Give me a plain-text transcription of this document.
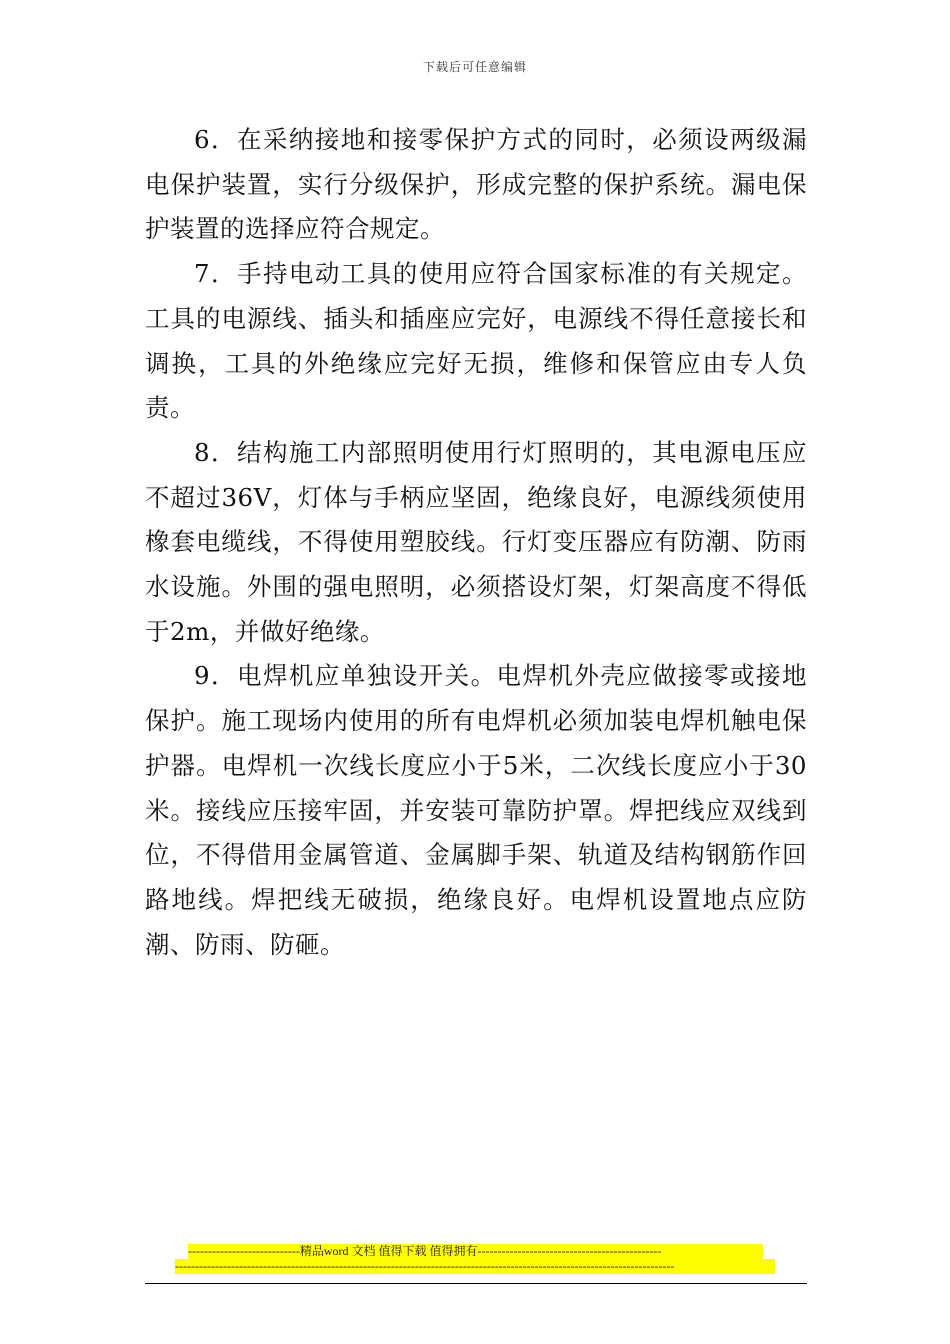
下载后可任意编辑

6．在采纳接地和接零保护方式的同时，必须设两级漏电保护装置，实行分级保护，形成完整的保护系统。漏电保护装置的选择应符合规定。

7．手持电动工具的使用应符合国家标准的有关规定。工具的电源线、插头和插座应完好，电源线不得任意接长和调换，工具的外绝缘应完好无损，维修和保管应由专人负责。

8．结构施工内部照明使用行灯照明的，其电源电压应不超过36V，灯体与手柄应坚固，绝缘良好，电源线须使用橡套电缆线，不得使用塑胶线。行灯变压器应有防潮、防雨水设施。外围的强电照明，必须搭设灯架，灯架高度不得低于2m，并做好绝缘。

9．电焊机应单独设开关。电焊机外壳应做接零或接地保护。施工现场内使用的所有电焊机必须加装电焊机触电保护器。电焊机一次线长度应小于5米，二次线长度应小于30米。接线应压接牢固，并安装可靠防护罩。焊把线应双线到位，不得借用金属管道、金属脚手架、轨道及结构钢筋作回路地线。焊把线无破损，绝缘良好。电焊机设置地点应防潮、防雨、防砸。

----------------------------精品word 文档 值得下载 值得拥有----------------------------------------------
-----------------------------------------------------------------------------------------------------------------------------
